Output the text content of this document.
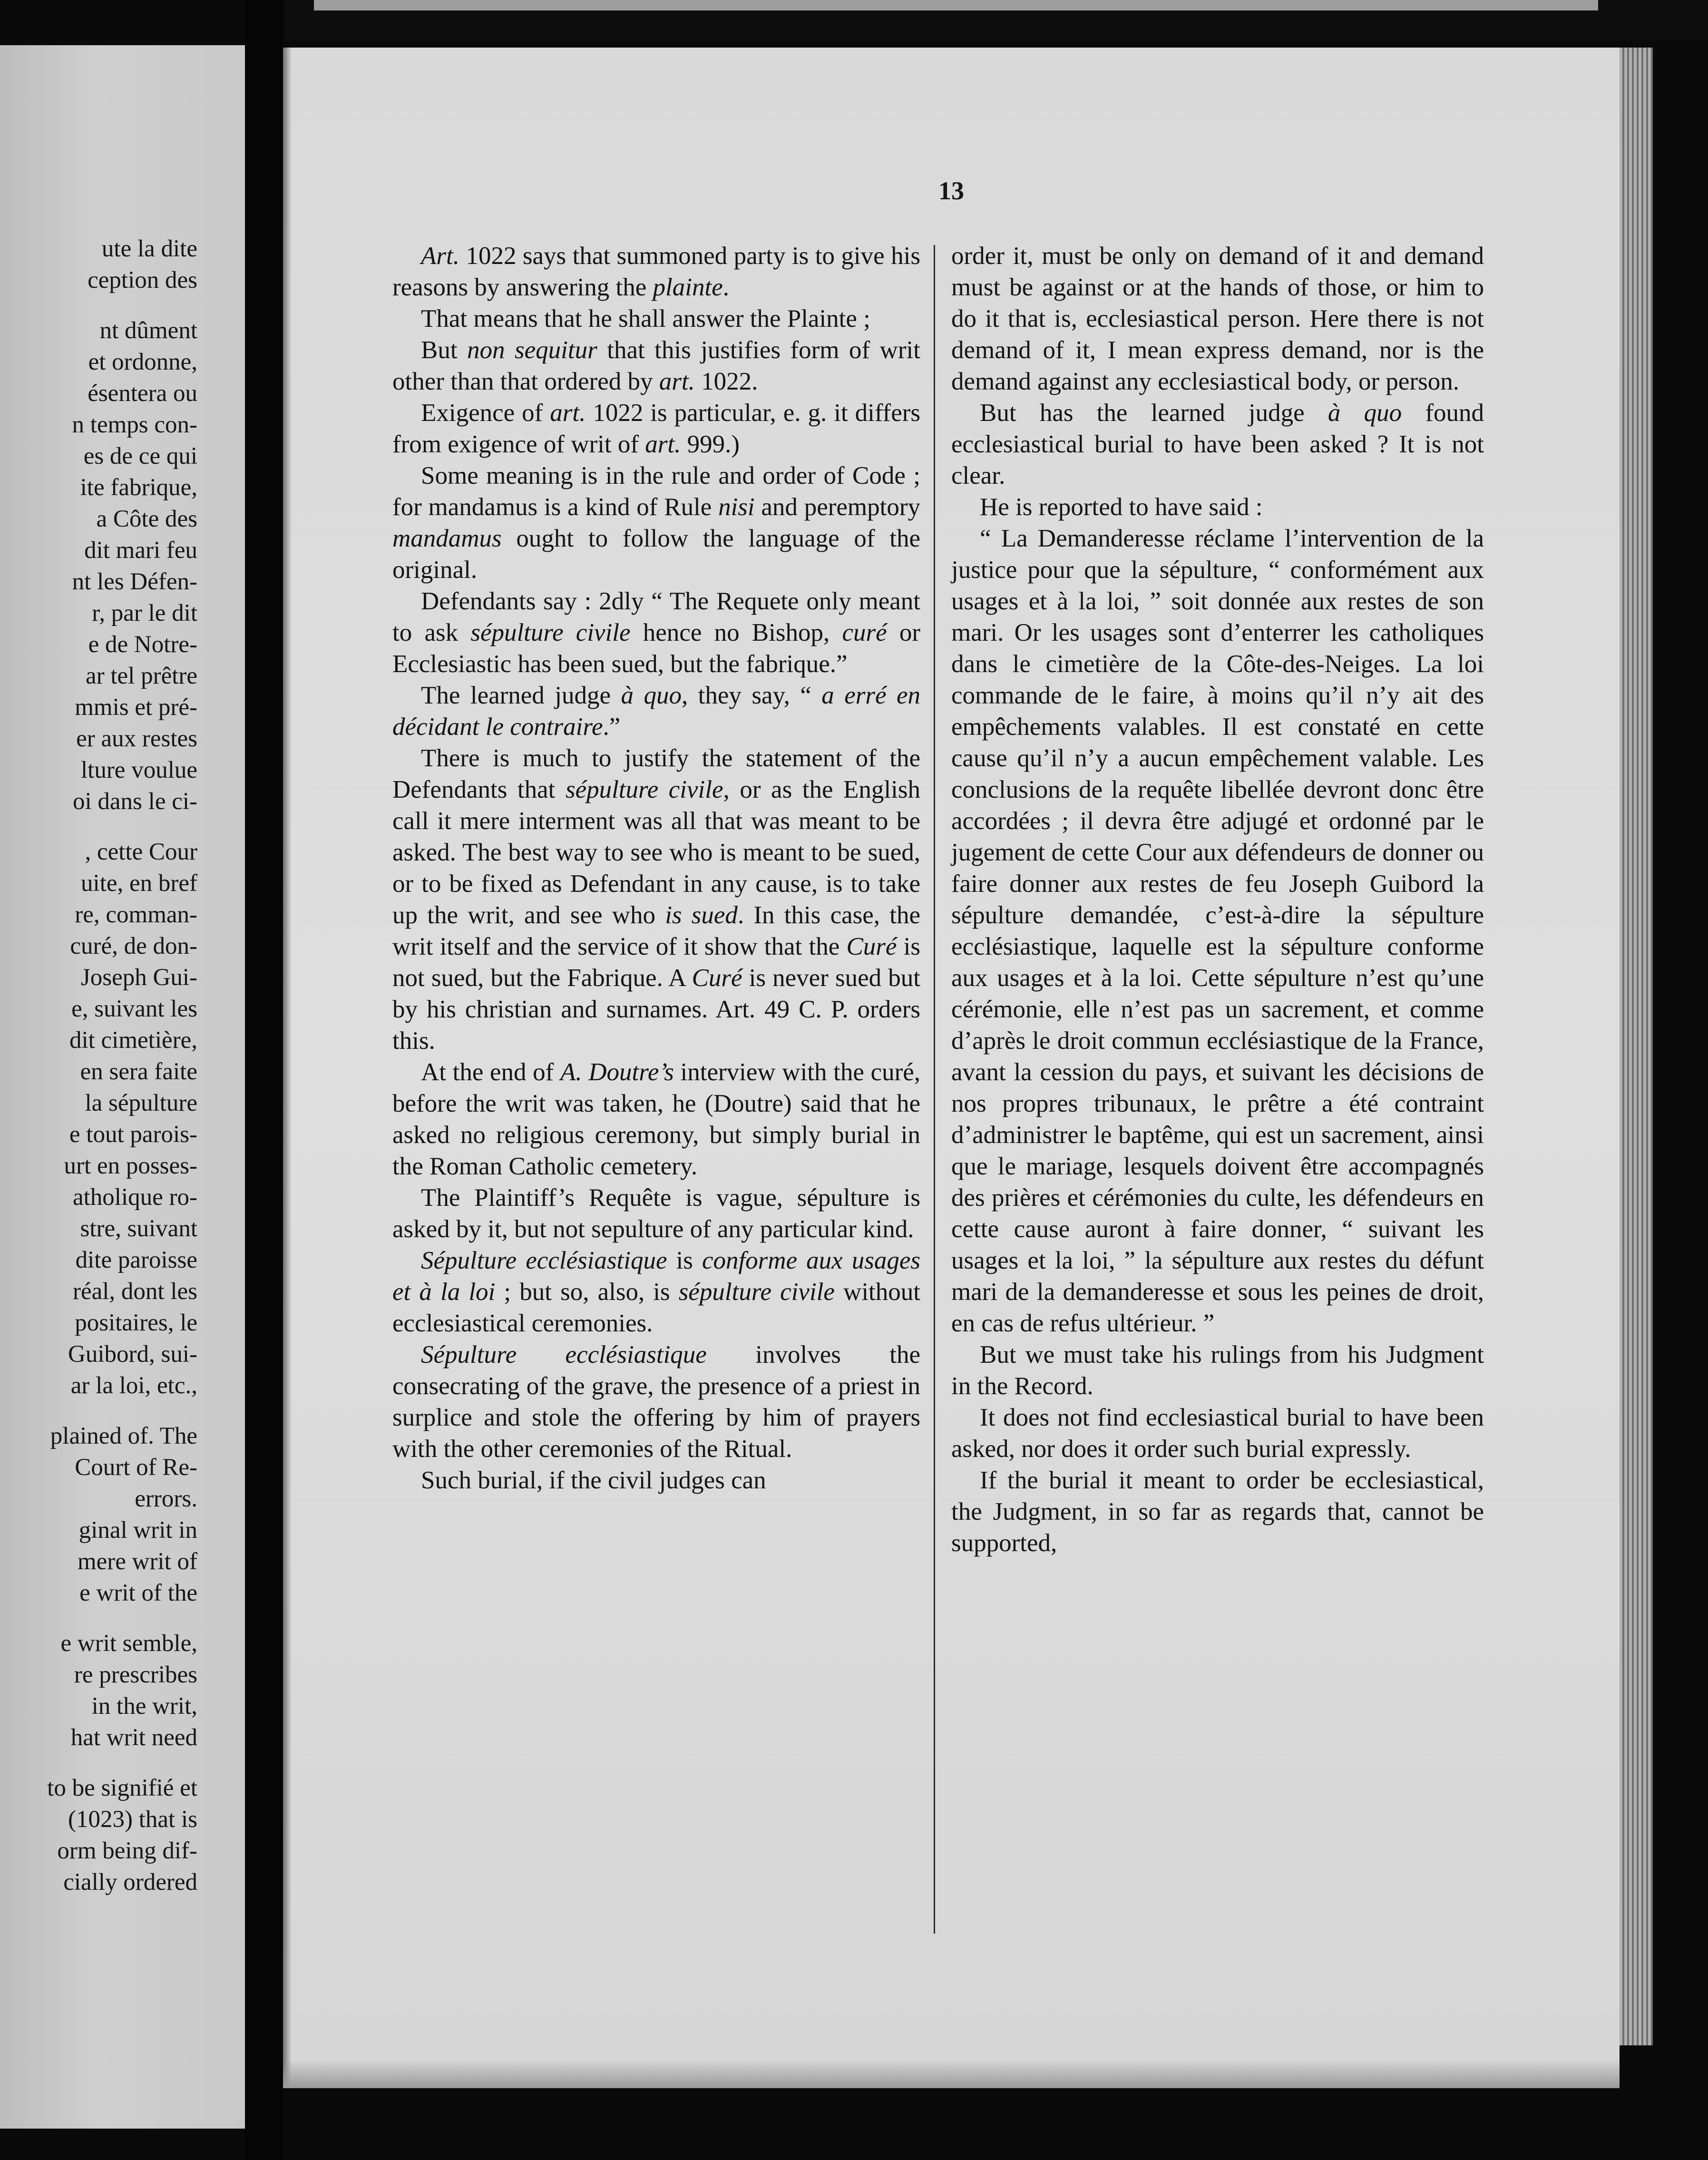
ute la dite
ception des
nt dûment
et ordonne,
ésentera ou
n temps con-
es de ce qui
ite fabrique,
a Côte des
dit mari feu
nt les Défen-
r, par le dit
e de Notre-
ar tel prêtre
mmis et pré-
er aux restes
lture voulue
oi dans le ci-
, cette Cour
uite, en bref
re, comman-
curé, de don-
Joseph Gui-
e, suivant les
dit cimetière,
en sera faite
la sépulture
e tout parois-
urt en posses-
atholique ro-
stre, suivant
dite paroisse
réal, dont les
positaires, le
Guibord, sui-
ar la loi, etc.,
plained of. The
Court of Re-
errors.
ginal writ in
mere writ of
e writ of the
e writ semble,
re prescribes
in the writ,
hat writ need
to be signifié et
(1023) that is
orm being dif-
cially ordered
13

Art. 1022 says that summoned party is to give his reasons by answering the plainte.

That means that he shall answer the Plainte ;

But non sequitur that this justifies form of writ other than that ordered by art. 1022.

Exigence of art. 1022 is particular, e. g. it differs from exigence of writ of art. 999.)

Some meaning is in the rule and order of Code ; for mandamus is a kind of Rule nisi and peremptory mandamus ought to follow the language of the original.

Defendants say : 2dly “ The Requete only meant to ask sépulture civile hence no Bishop, curé or Ecclesiastic has been sued, but the fabrique.”

The learned judge à quo, they say, “ a erré en décidant le contraire.”

There is much to justify the statement of the Defendants that sépulture civile, or as the English call it mere interment was all that was meant to be asked. The best way to see who is meant to be sued, or to be fixed as Defendant in any cause, is to take up the writ, and see who is sued. In this case, the writ itself and the service of it show that the Curé is not sued, but the Fabrique. A Curé is never sued but by his christian and surnames. Art. 49 C. P. orders this.

At the end of A. Doutre’s interview with the curé, before the writ was taken, he (Doutre) said that he asked no religious ceremony, but simply burial in the Roman Catholic cemetery.

The Plaintiff’s Requête is vague, sépulture is asked by it, but not sepulture of any particular kind.

Sépulture ecclésiastique is conforme aux usages et à la loi ; but so, also, is sépulture civile without ecclesiastical ceremonies.

Sépulture ecclésiastique involves the consecrating of the grave, the presence of a priest in surplice and stole the offering by him of prayers with the other ceremonies of the Ritual.

Such burial, if the civil judges can

order it, must be only on demand of it and demand must be against or at the hands of those, or him to do it that is, ecclesiastical person. Here there is not demand of it, I mean express demand, nor is the demand against any ecclesiastical body, or person.

But has the learned judge à quo found ecclesiastical burial to have been asked ? It is not clear.

He is reported to have said :

“ La Demanderesse réclame l’intervention de la justice pour que la sépulture, “ conformément aux usages et à la loi, ” soit donnée aux restes de son mari. Or les usages sont d’enterrer les catholiques dans le cimetière de la Côte-des-Neiges. La loi commande de le faire, à moins qu’il n’y ait des empêchements valables. Il est constaté en cette cause qu’il n’y a aucun empêchement valable. Les conclusions de la requête libellée devront donc être accordées ; il devra être adjugé et ordonné par le jugement de cette Cour aux défendeurs de donner ou faire donner aux restes de feu Joseph Guibord la sépulture demandée, c’est-à-dire la sépulture ecclésiastique, laquelle est la sépulture conforme aux usages et à la loi. Cette sépulture n’est qu’une cérémonie, elle n’est pas un sacrement, et comme d’après le droit commun ecclésiastique de la France, avant la cession du pays, et suivant les décisions de nos propres tribunaux, le prêtre a été contraint d’administrer le baptême, qui est un sacrement, ainsi que le mariage, lesquels doivent être accompagnés des prières et cérémonies du culte, les défendeurs en cette cause auront à faire donner, “ suivant les usages et la loi, ” la sépulture aux restes du défunt mari de la demanderesse et sous les peines de droit, en cas de refus ultérieur. ”

But we must take his rulings from his Judgment in the Record.

It does not find ecclesiastical burial to have been asked, nor does it order such burial expressly.

If the burial it meant to order be ecclesiastical, the Judgment, in so far as regards that, cannot be supported,
